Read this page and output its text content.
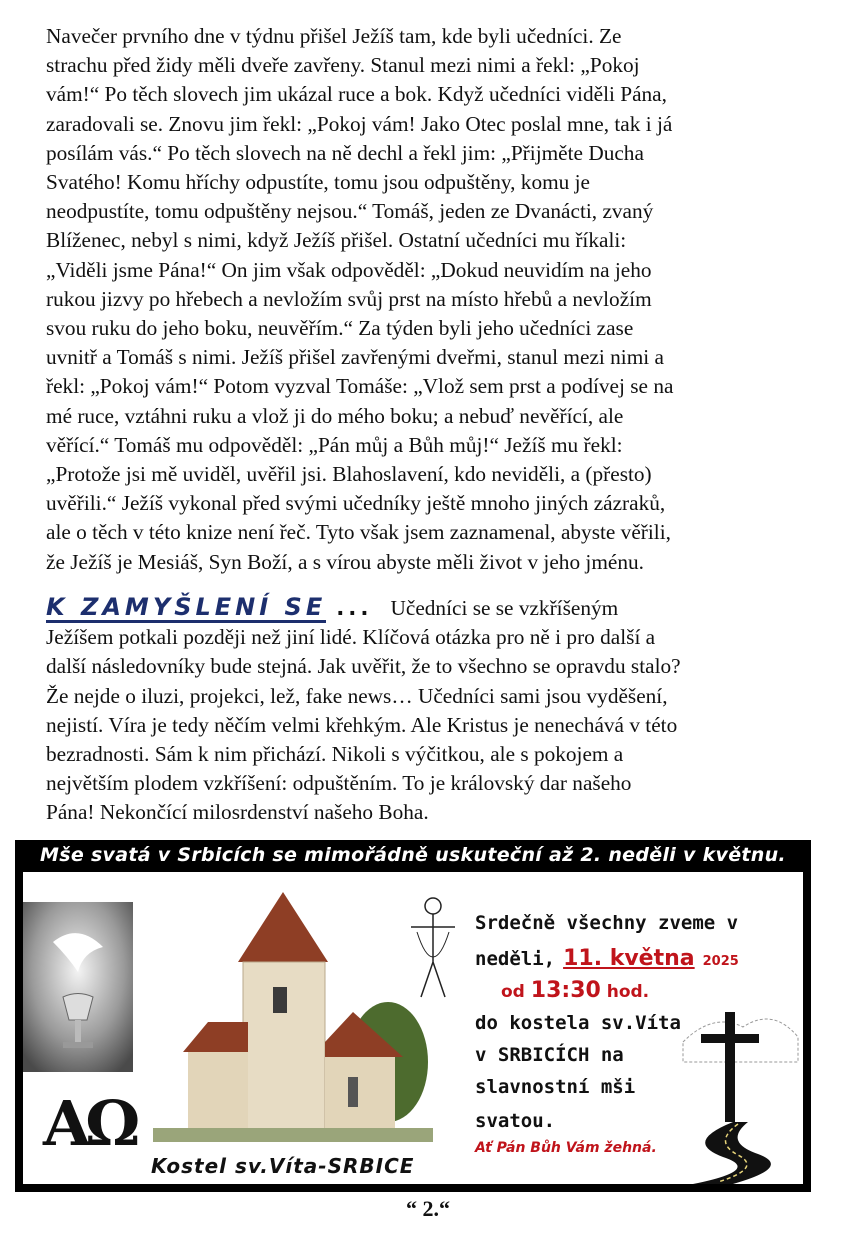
Navečer prvního dne v týdnu přišel Ježíš tam, kde byli učedníci. Ze
strachu před židy měli dveře zavřeny. Stanul mezi nimi a řekl: „Pokoj
vám!“ Po těch slovech jim ukázal ruce a bok. Když učedníci viděli Pána,
zaradovali se. Znovu jim řekl: „Pokoj vám! Jako Otec poslal mne, tak i já
posílám vás.“ Po těch slovech na ně dechl a řekl jim: „Přijměte Ducha
Svatého! Komu hříchy odpustíte, tomu jsou odpuštěny, komu je
neodpustíte, tomu odpuštěny nejsou.“ Tomáš, jeden ze Dvanácti, zvaný
Blíženec, nebyl s nimi, když Ježíš přišel. Ostatní učedníci mu říkali:
„Viděli jsme Pána!“ On jim však odpověděl: „Dokud neuvidím na jeho
rukou jizvy po hřebech a nevložím svůj prst na místo hřebů a nevložím
svou ruku do jeho boku, neuvěřím.“ Za týden byli jeho učedníci zase
uvnitř a Tomáš s nimi. Ježíš přišel zavřenými dveřmi, stanul mezi nimi a
řekl: „Pokoj vám!“ Potom vyzval Tomáše: „Vlož sem prst a podívej se na
mé ruce, vztáhni ruku a vlož ji do mého boku; a nebuď nevěřící, ale
věřící.“ Tomáš mu odpověděl: „Pán můj a Bůh můj!“ Ježíš mu řekl:
„Protože jsi mě uviděl, uvěřil jsi. Blahoslavení, kdo neviděli, a (přesto)
uvěřili.“ Ježíš vykonal před svými učedníky ještě mnoho jiných zázraků,
ale o těch v této knize není řeč. Tyto však jsem zaznamenal, abyste věřili,
že Ježíš je Mesiáš, Syn Boží, a s vírou abyste měli život v jeho jménu.
K ZAMYŠLENÍ SE ... Učedníci se se vzkříšeným
Ježíšem potkali později než jiní lidé. Klíčová otázka pro ně i pro další a
další následovníky bude stejná. Jak uvěřit, že to všechno se opravdu stalo?
Že nejde o iluzi, projekci, lež, fake news… Učedníci sami jsou vyděšení,
nejistí. Víra je tedy něčím velmi křehkým. Ale Kristus je nenechává v této
bezradnosti. Sám k nim přichází. Nikoli s výčitkou, ale s pokojem a
největším plodem vzkříšení: odpuštěním. To je královský dar našeho
Pána! Nekončící milosrdenství našeho Boha.
Mše svatá v Srbicích se mimořádně uskuteční až 2. neděli v květnu.
AΩ
Srdečně všechny zveme v
neděli, 11. května 2025
od 13:30 hod.
do kostela sv.Víta
v SRBICÍCH na
slavnostní mši
svatou.
Ať Pán Bůh Vám žehná.
Kostel sv.Víta-SRBICE
“ 2.“
